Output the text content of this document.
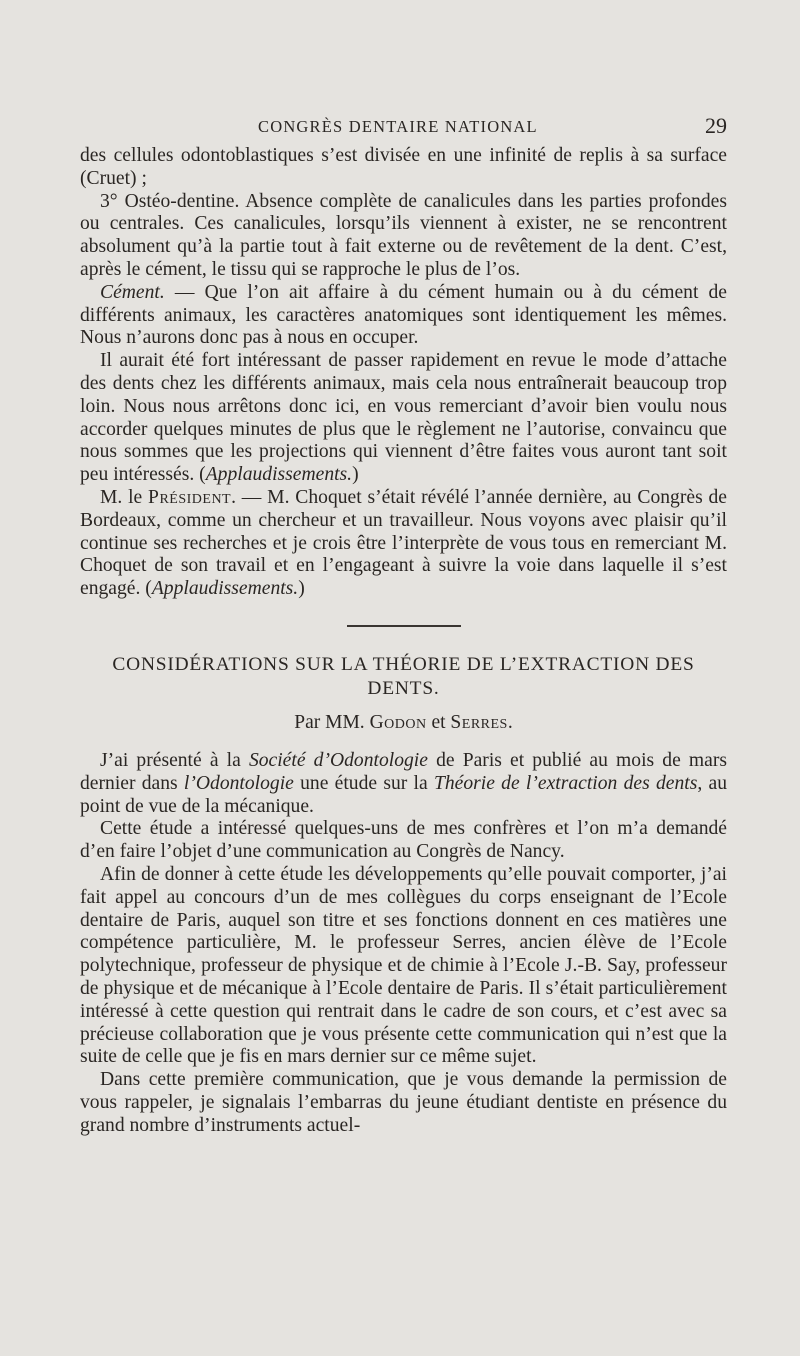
CONGRÈS DENTAIRE NATIONAL	29

des cellules odontoblastiques s’est divisée en une infinité de replis à sa surface (Cruet) ;

3° Ostéo-dentine. Absence complète de canalicules dans les parties profondes ou centrales. Ces canalicules, lorsqu’ils viennent à exister, ne se rencontrent absolument qu’à la partie tout à fait externe ou de revêtement de la dent. C’est, après le cément, le tissu qui se rapproche le plus de l’os.

Cément. — Que l’on ait affaire à du cément humain ou à du cément de différents animaux, les caractères anatomiques sont identiquement les mêmes. Nous n’aurons donc pas à nous en occuper.

Il aurait été fort intéressant de passer rapidement en revue le mode d’attache des dents chez les différents animaux, mais cela nous entraînerait beaucoup trop loin. Nous nous arrêtons donc ici, en vous remerciant d’avoir bien voulu nous accorder quelques minutes de plus que le règlement ne l’autorise, convaincu que nous sommes que les projections qui viennent d’être faites vous auront tant soit peu intéressés. (Applaudissements.)

M. le Président. — M. Choquet s’était révélé l’année dernière, au Congrès de Bordeaux, comme un chercheur et un travailleur. Nous voyons avec plaisir qu’il continue ses recherches et je crois être l’interprète de vous tous en remerciant M. Choquet de son travail et en l’engageant à suivre la voie dans laquelle il s’est engagé. (Applaudissements.)

CONSIDÉRATIONS SUR LA THÉORIE DE L’EXTRACTION DES DENTS.
Par MM. Godon et Serres.

J’ai présenté à la Société d’Odontologie de Paris et publié au mois de mars dernier dans l’Odontologie une étude sur la Théorie de l’extraction des dents, au point de vue de la mécanique.

Cette étude a intéressé quelques-uns de mes confrères et l’on m’a demandé d’en faire l’objet d’une communication au Congrès de Nancy.

Afin de donner à cette étude les développements qu’elle pouvait comporter, j’ai fait appel au concours d’un de mes collègues du corps enseignant de l’Ecole dentaire de Paris, auquel son titre et ses fonctions donnent en ces matières une compétence particulière, M. le professeur Serres, ancien élève de l’Ecole polytechnique, professeur de physique et de chimie à l’Ecole J.-B. Say, professeur de physique et de mécanique à l’Ecole dentaire de Paris. Il s’était particulièrement intéressé à cette question qui rentrait dans le cadre de son cours, et c’est avec sa précieuse collaboration que je vous présente cette communication qui n’est que la suite de celle que je fis en mars dernier sur ce même sujet.

Dans cette première communication, que je vous demande la permission de vous rappeler, je signalais l’embarras du jeune étudiant dentiste en présence du grand nombre d’instruments actuel-
